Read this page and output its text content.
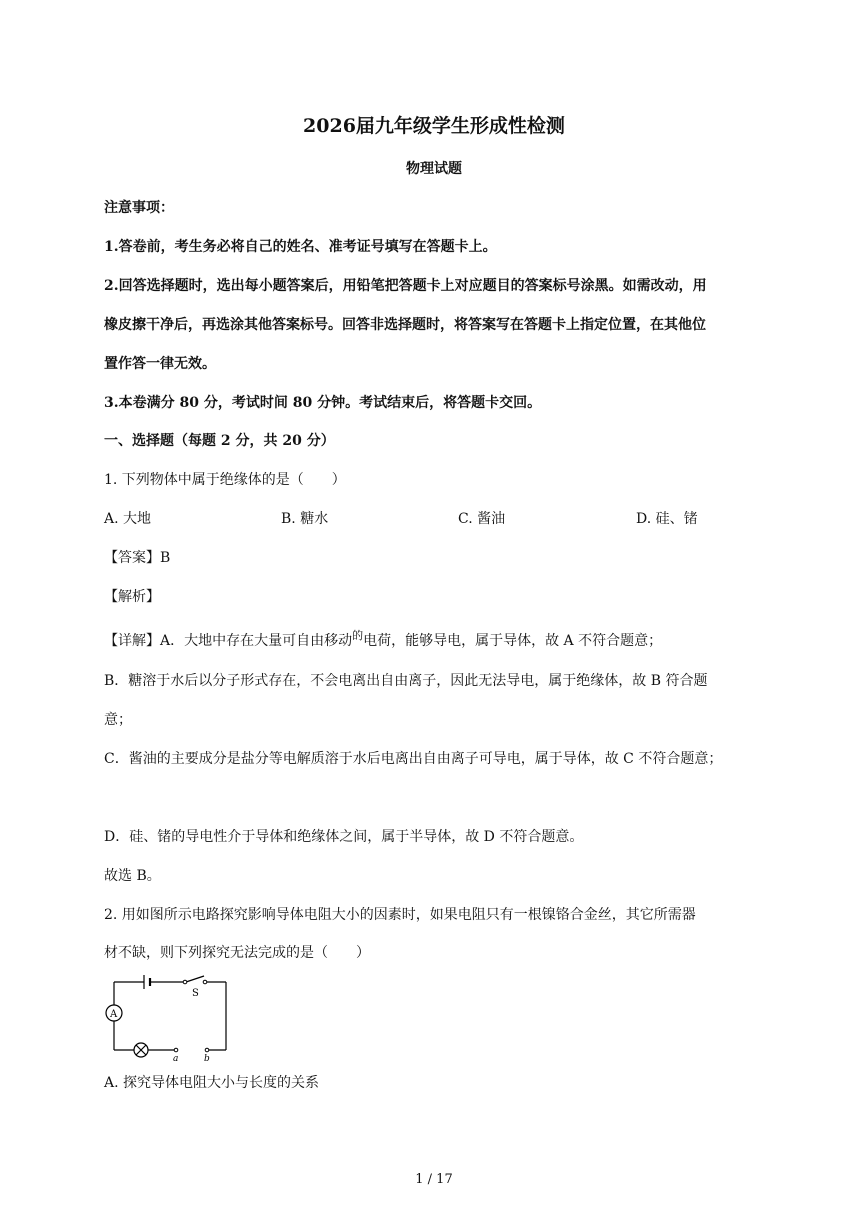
2026届九年级学生形成性检测
物理试题
注意事项：
1.答卷前，考生务必将自己的姓名、准考证号填写在答题卡上。
2.回答选择题时，选出每小题答案后，用铅笔把答题卡上对应题目的答案标号涂黑。如需改动，用
橡皮擦干净后，再选涂其他答案标号。回答非选择题时，将答案写在答题卡上指定位置，在其他位
置作答一律无效。
3.本卷满分 80 分，考试时间 80 分钟。考试结束后，将答题卡交回。
一、选择题（每题 2 分，共 20 分）
1. 下列物体中属于绝缘体的是（　　）
A. 大地	B. 糖水	C. 酱油	D. 硅、锗
【答案】B
【解析】
【详解】A．大地中存在大量可自由移动$^的$电荷，能够导电，属于导体，故 A 不符合题意；
B．糖溶于水后以分子形式存在，不会电离出自由离子，因此无法导电，属于绝缘体，故 B 符合题
意；
C．酱油的主要成分是盐分等电解质溶于水后电离出自由离子可导电，属于导体，故 C 不符合题意；
D．硅、锗的导电性介于导体和绝缘体之间，属于半导体，故 D 不符合题意。
故选 B。
2. 用如图所示电路探究影响导体电阻大小的因素时，如果电阻只有一根镍铬合金丝，其它所需器
材不缺，则下列探究无法完成的是（　　）
S
A
a	b
A. 探究导体电阻大小与长度的关系
1 / 17
